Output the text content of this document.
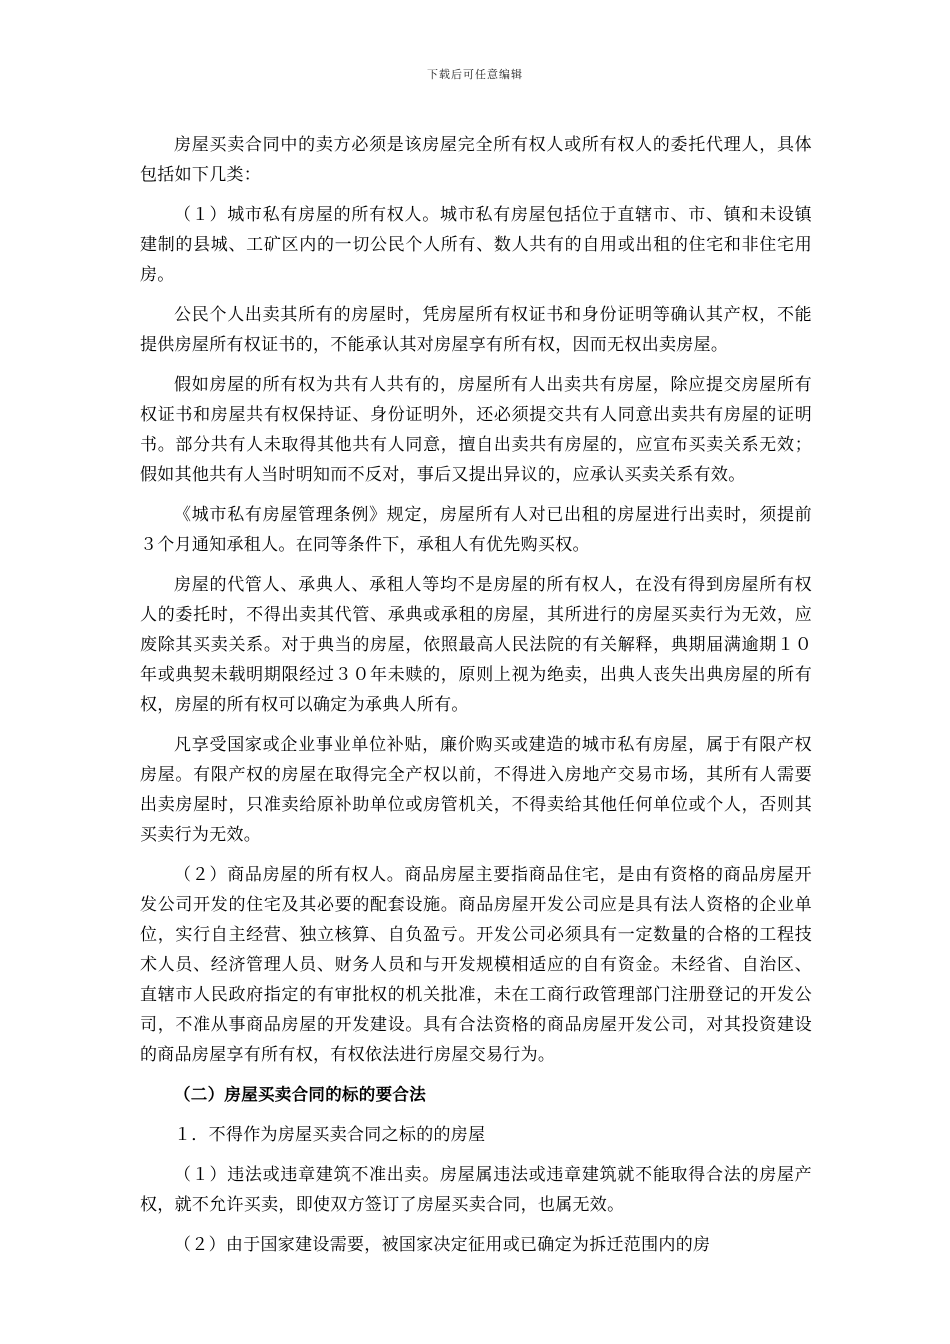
下载后可任意编辑

房屋买卖合同中的卖方必须是该房屋完全所有权人或所有权人的委托代理人，具体包括如下几类：

（１）城市私有房屋的所有权人。城市私有房屋包括位于直辖市、市、镇和未设镇建制的县城、工矿区内的一切公民个人所有、数人共有的自用或出租的住宅和非住宅用房。

公民个人出卖其所有的房屋时，凭房屋所有权证书和身份证明等确认其产权，不能提供房屋所有权证书的，不能承认其对房屋享有所有权，因而无权出卖房屋。

假如房屋的所有权为共有人共有的，房屋所有人出卖共有房屋，除应提交房屋所有权证书和房屋共有权保持证、身份证明外，还必须提交共有人同意出卖共有房屋的证明书。部分共有人未取得其他共有人同意，擅自出卖共有房屋的，应宣布买卖关系无效；假如其他共有人当时明知而不反对，事后又提出异议的，应承认买卖关系有效。

《城市私有房屋管理条例》规定，房屋所有人对已出租的房屋进行出卖时，须提前３个月通知承租人。在同等条件下，承租人有优先购买权。

房屋的代管人、承典人、承租人等均不是房屋的所有权人，在没有得到房屋所有权人的委托时，不得出卖其代管、承典或承租的房屋，其所进行的房屋买卖行为无效，应废除其买卖关系。对于典当的房屋，依照最高人民法院的有关解释，典期届满逾期１０年或典契未载明期限经过３０年未赎的，原则上视为绝卖，出典人丧失出典房屋的所有权，房屋的所有权可以确定为承典人所有。

凡享受国家或企业事业单位补贴，廉价购买或建造的城市私有房屋，属于有限产权房屋。有限产权的房屋在取得完全产权以前，不得进入房地产交易市场，其所有人需要出卖房屋时，只准卖给原补助单位或房管机关，不得卖给其他任何单位或个人，否则其买卖行为无效。

（２）商品房屋的所有权人。商品房屋主要指商品住宅，是由有资格的商品房屋开发公司开发的住宅及其必要的配套设施。商品房屋开发公司应是具有法人资格的企业单位，实行自主经营、独立核算、自负盈亏。开发公司必须具有一定数量的合格的工程技术人员、经济管理人员、财务人员和与开发规模相适应的自有资金。未经省、自治区、直辖市人民政府指定的有审批权的机关批准，未在工商行政管理部门注册登记的开发公司，不准从事商品房屋的开发建设。具有合法资格的商品房屋开发公司，对其投资建设的商品房屋享有所有权，有权依法进行房屋交易行为。

（二）房屋买卖合同的标的要合法

１．不得作为房屋买卖合同之标的的房屋

（１）违法或违章建筑不准出卖。房屋属违法或违章建筑就不能取得合法的房屋产权，就不允许买卖，即使双方签订了房屋买卖合同，也属无效。

（２）由于国家建设需要，被国家决定征用或已确定为拆迁范围内的房
